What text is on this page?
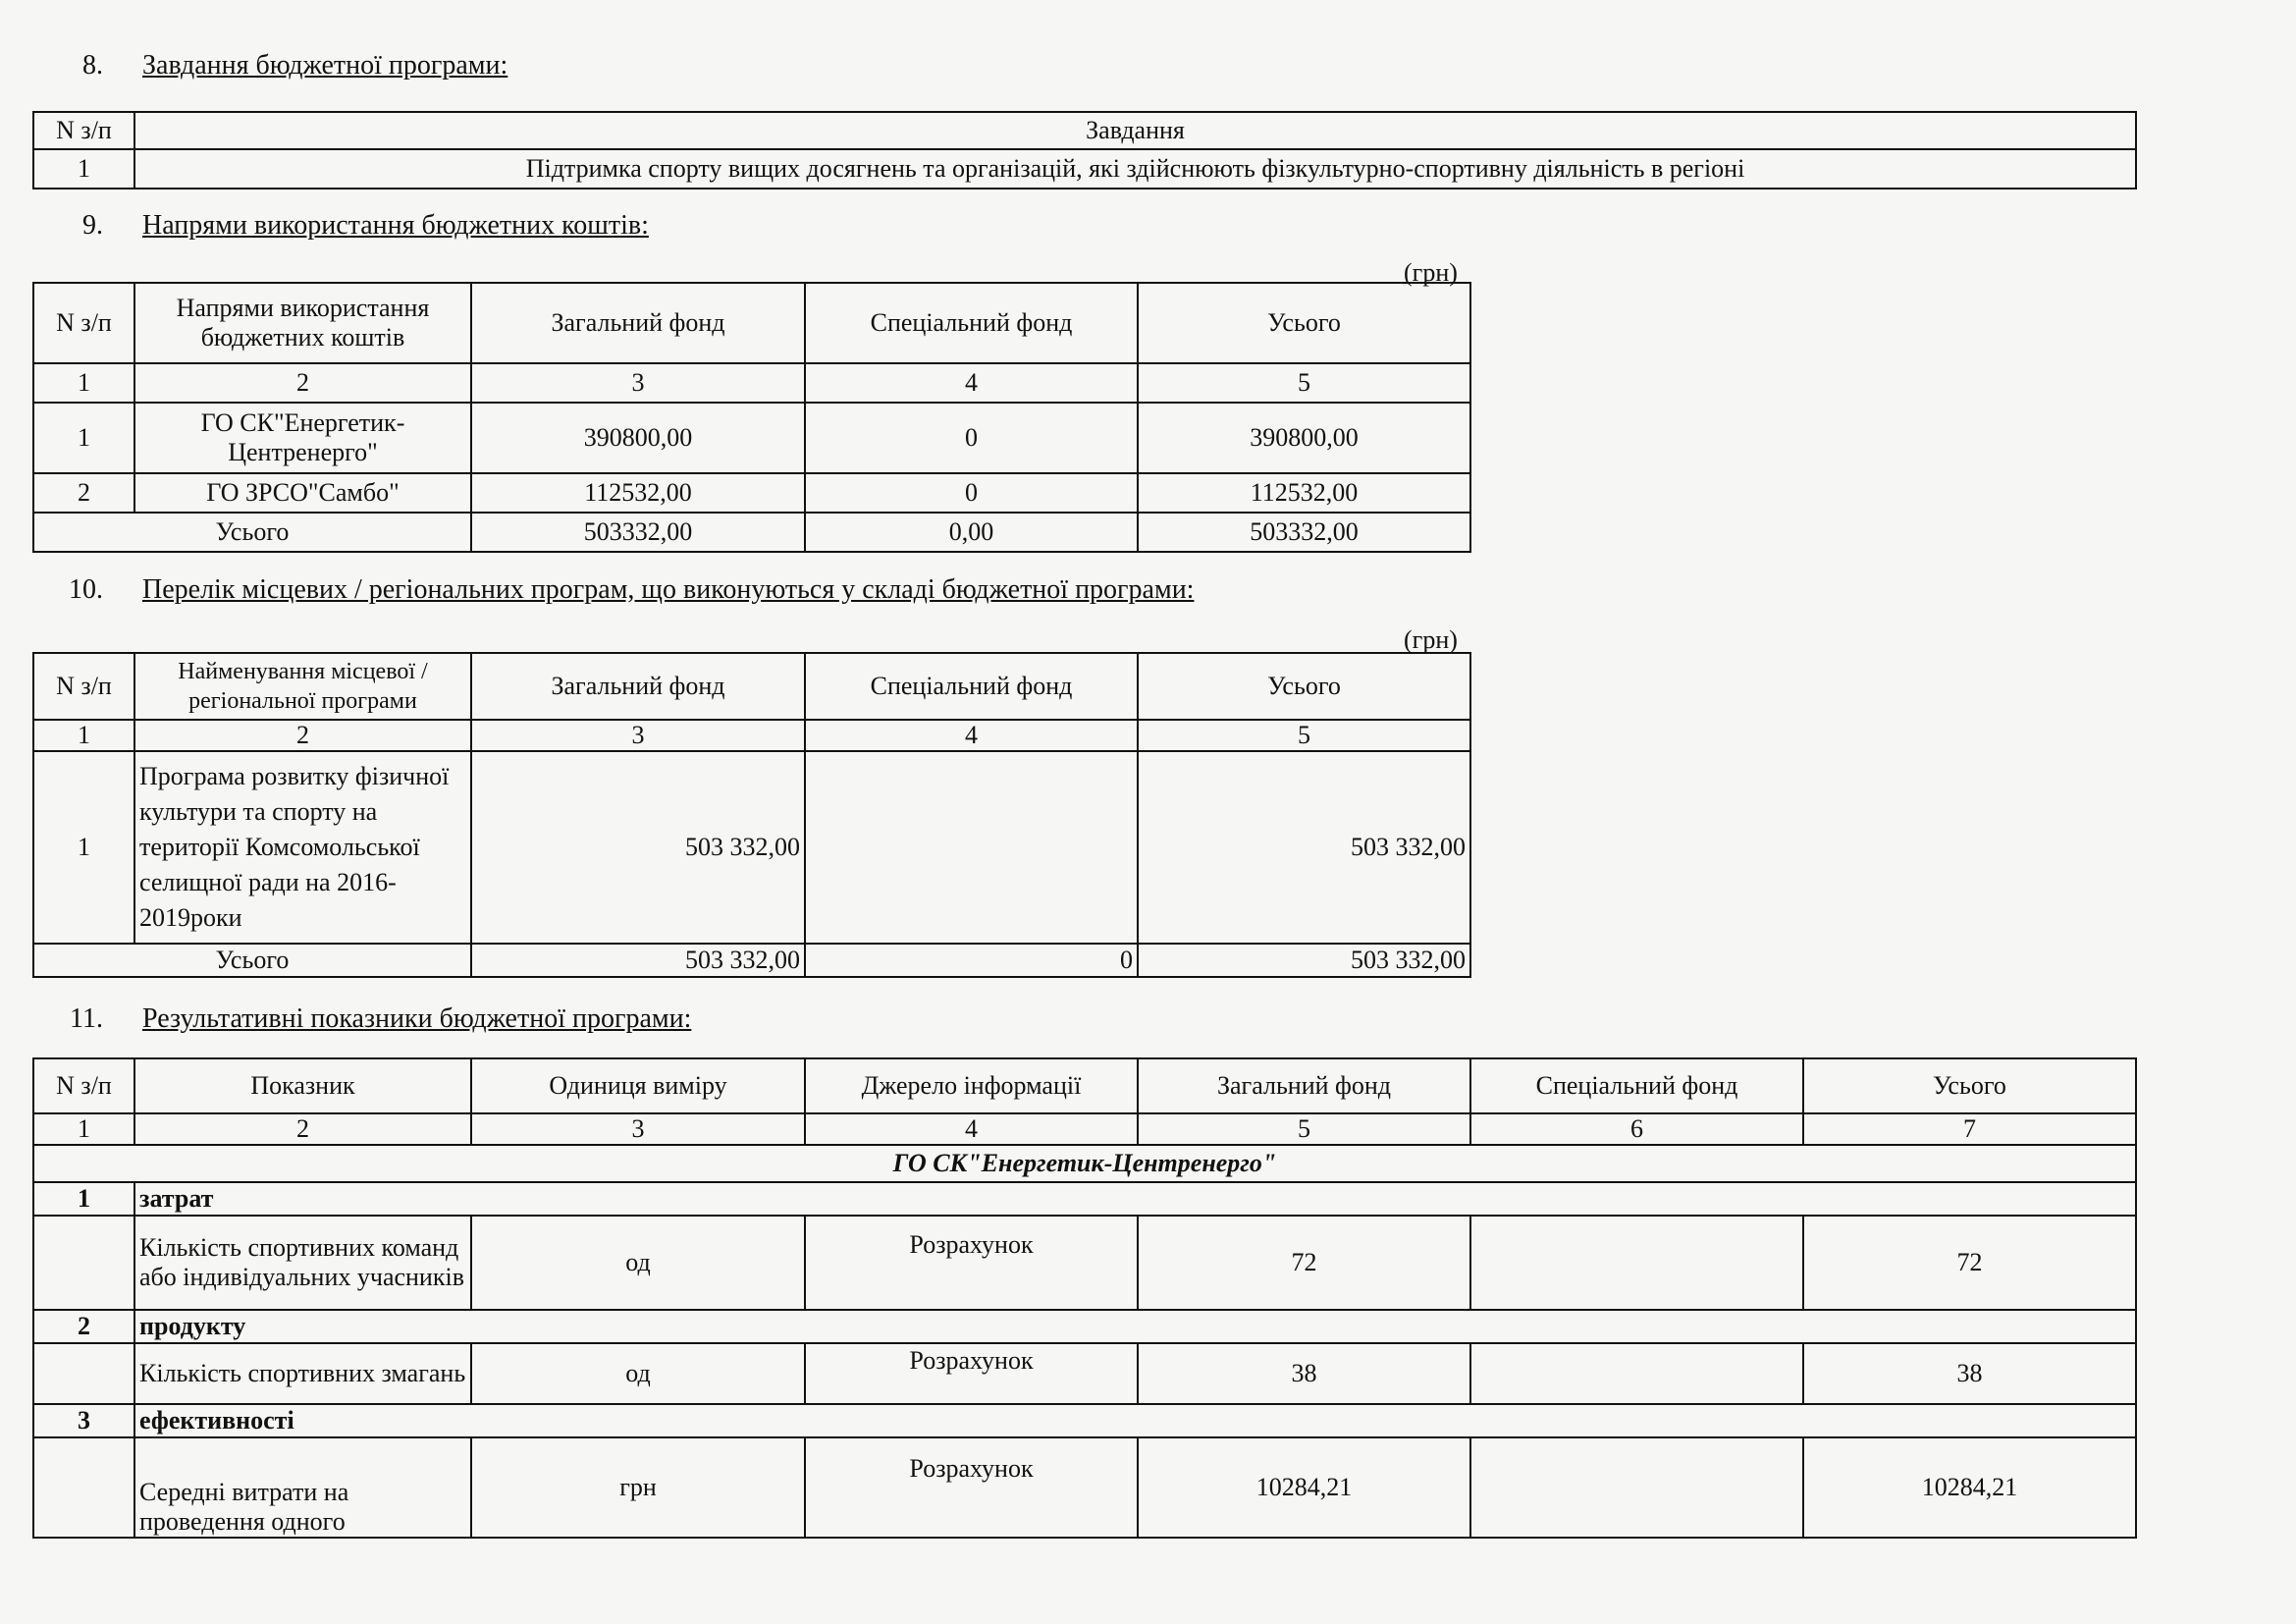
8. Завдання бюджетної програми:
N з/п	Завдання
1	Підтримка спорту вищих досягнень та організацій, які здійснюють фізкультурно-спортивну діяльність в регіоні
9. Напрями використання бюджетних коштів:
(грн)
N з/п	Напрями використання бюджетних коштів	Загальний фонд	Спеціальний фонд	Усього
1	2	3	4	5
1	ГО СК"Енергетик-Центренерго"	390800,00	0	390800,00
2	ГО ЗРСО"Самбо"	112532,00	0	112532,00
Усього		503332,00	0,00	503332,00
10. Перелік місцевих / регіональних програм, що виконуються у складі бюджетної програми:
(грн)
N з/п	Найменування місцевої / регіональної програми	Загальний фонд	Спеціальний фонд	Усього
1	2	3	4	5
1	Програма розвитку фізичної культури та спорту на території Комсомольської селищної ради на 2016-2019роки	503 332,00		503 332,00
Усього		503 332,00	0	503 332,00
11. Результативні показники бюджетної програми:
N з/п	Показник	Одиниця виміру	Джерело інформації	Загальний фонд	Спеціальний фонд	Усього
1	2	3	4	5	6	7
ГО СК"Енергетик-Центренерго"						
1	затрат					
	Кількість спортивних команд або індивідуальних учасників	од	Розрахунок	72		72
2	продукту					
	Кількість спортивних змагань	од	Розрахунок	38		38
3	ефективності					
	Середні витрати на проведення одного	грн	Розрахунок	10284,21		10284,21
